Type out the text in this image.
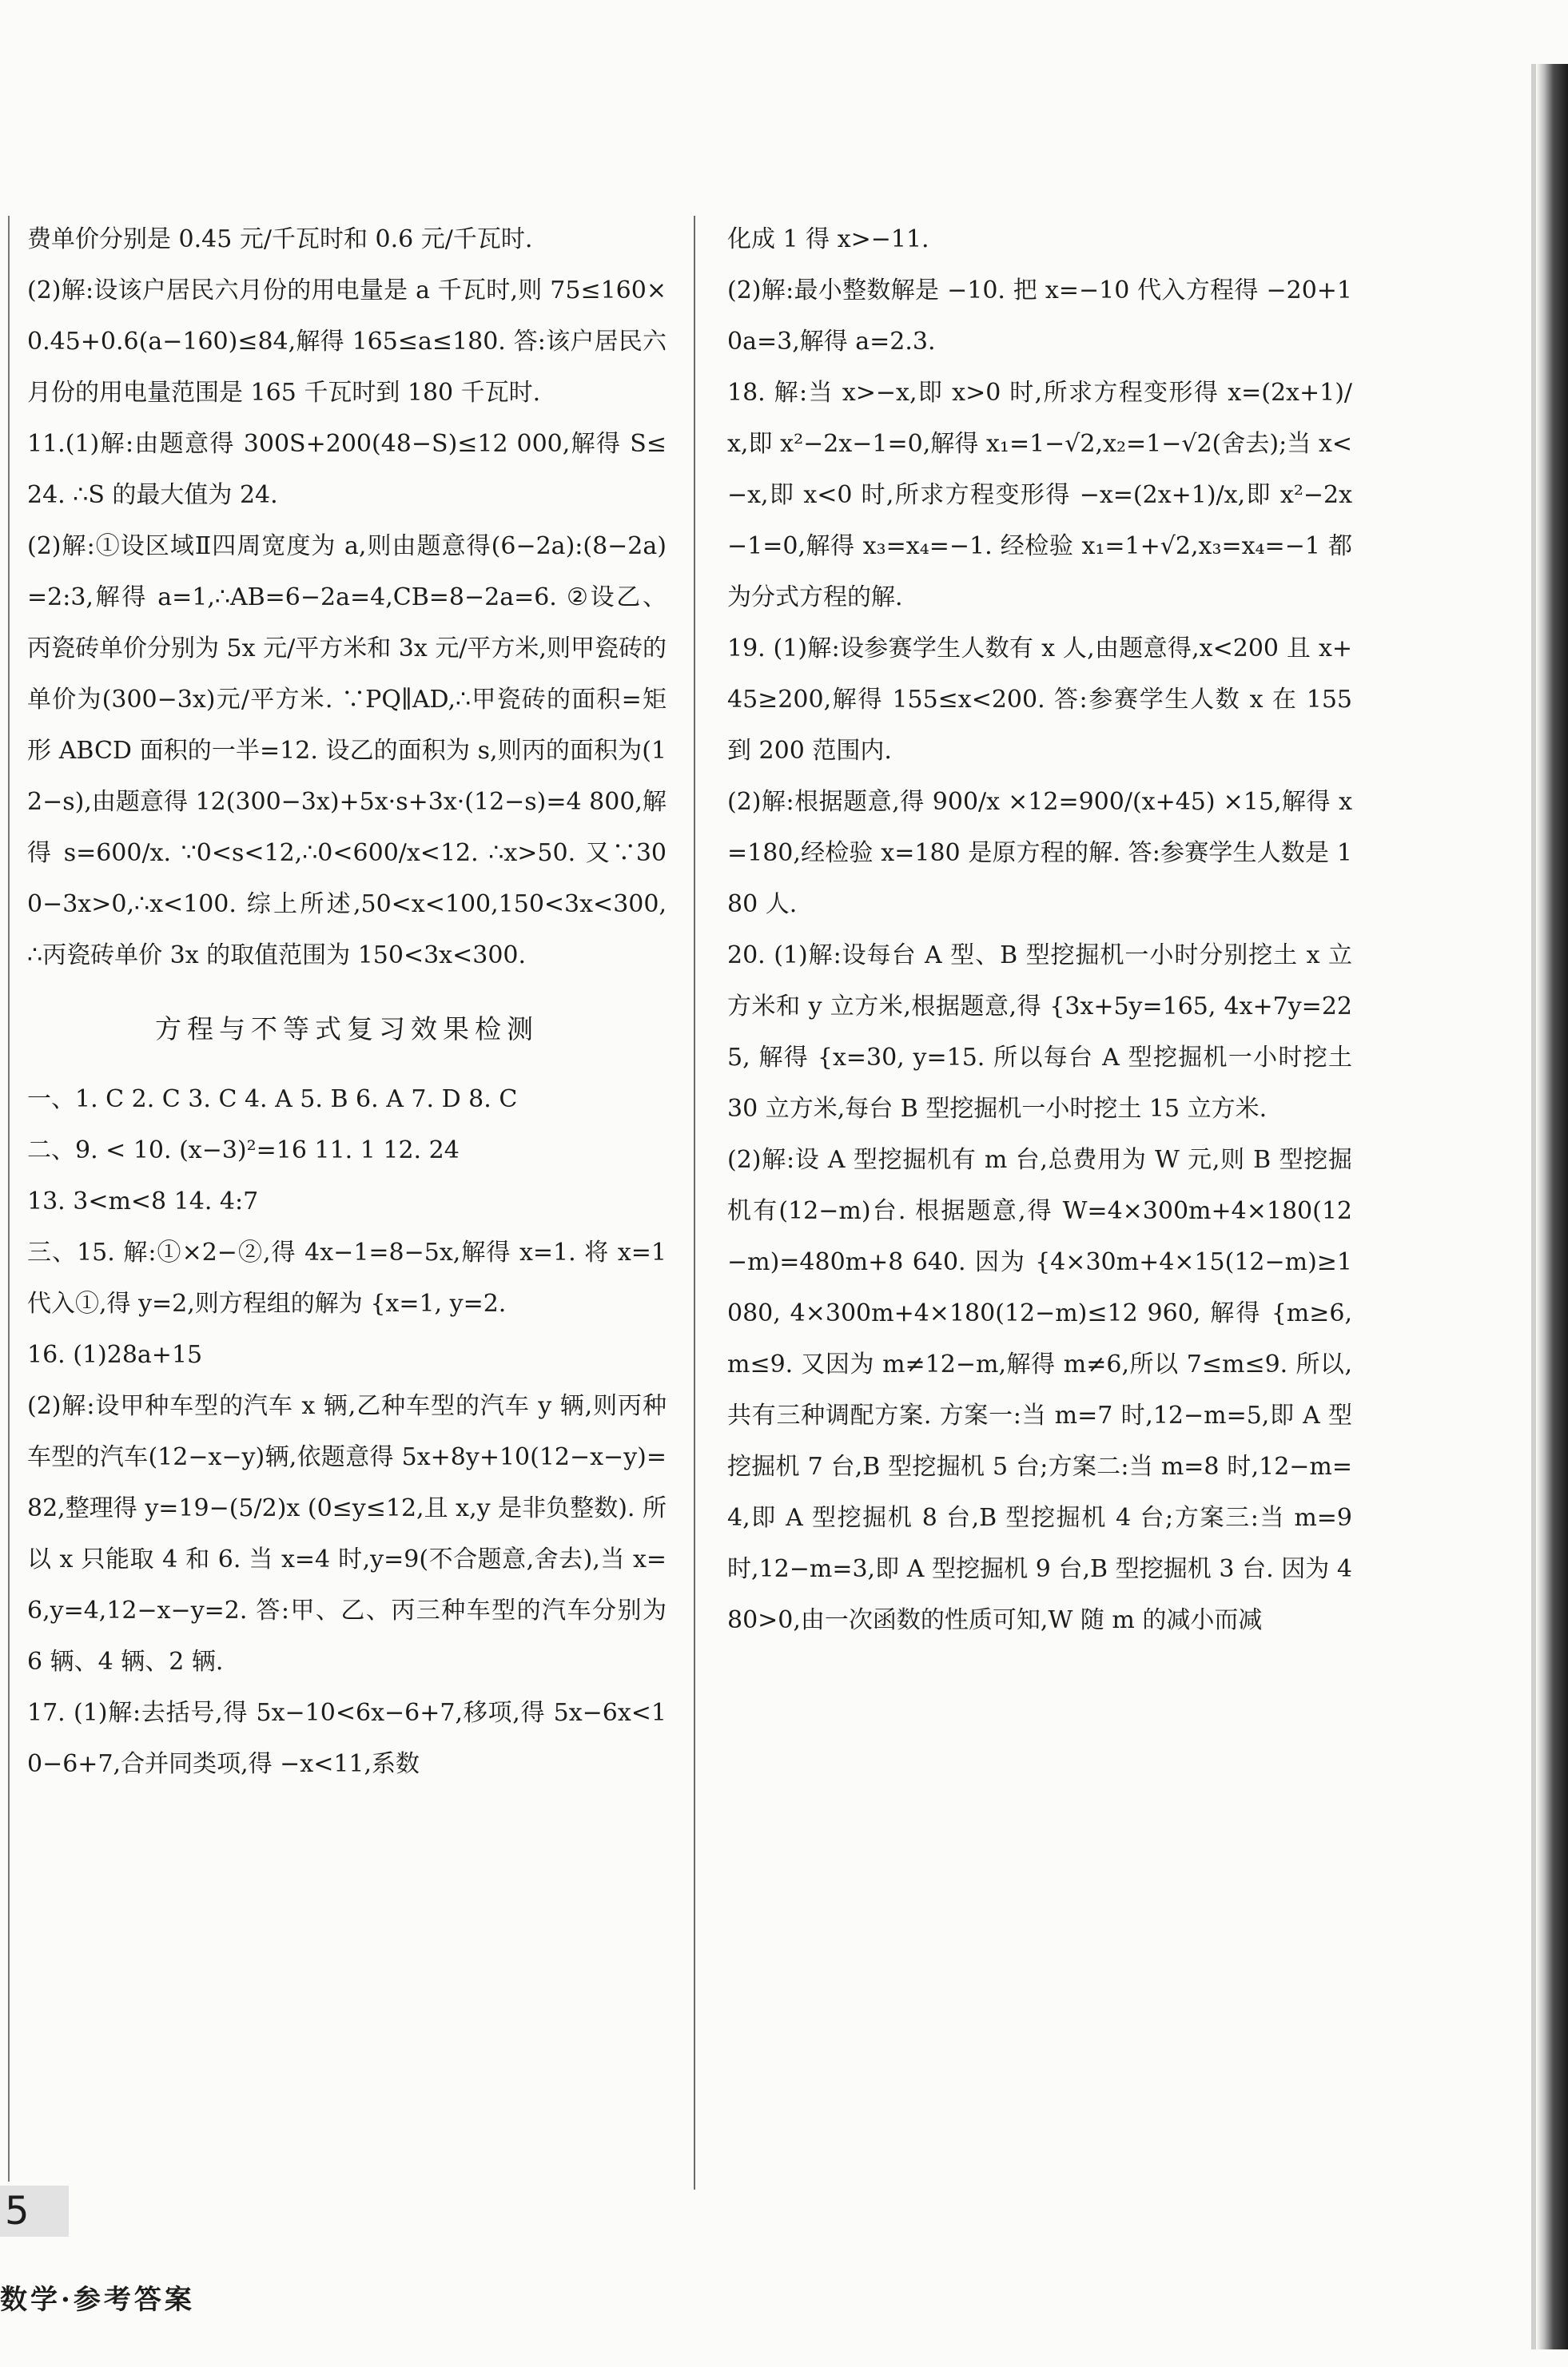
费单价分别是 0.45 元/千瓦时和 0.6 元/千瓦时.

(2)解:设该户居民六月份的用电量是 a 千瓦时,则 75≤160×0.45+0.6(a−160)≤84,解得 165≤a≤180. 答:该户居民六月份的用电量范围是 165 千瓦时到 180 千瓦时.

11.(1)解:由题意得 300S+200(48−S)≤12 000,解得 S≤24. ∴S 的最大值为 24.

(2)解:①设区域Ⅱ四周宽度为 a,则由题意得(6−2a):(8−2a)=2:3,解得 a=1,∴AB=6−2a=4,CB=8−2a=6. ②设乙、丙瓷砖单价分别为 5x 元/平方米和 3x 元/平方米,则甲瓷砖的单价为(300−3x)元/平方米. ∵PQ∥AD,∴甲瓷砖的面积=矩形 ABCD 面积的一半=12. 设乙的面积为 s,则丙的面积为(12−s),由题意得 12(300−3x)+5x·s+3x·(12−s)=4 800,解得 s=600/x. ∵0<s<12,∴0<600/x<12. ∴x>50. 又∵300−3x>0,∴x<100. 综上所述,50<x<100,150<3x<300,∴丙瓷砖单价 3x 的取值范围为 150<3x<300.

方程与不等式复习效果检测

一、1. C 2. C 3. C 4. A 5. B 6. A 7. D 8. C

二、9. < 10. (x−3)²=16 11. 1 12. 24

13. 3<m<8 14. 4:7

三、15. 解:①×2−②,得 4x−1=8−5x,解得 x=1. 将 x=1 代入①,得 y=2,则方程组的解为 {x=1, y=2.

16. (1)28a+15

(2)解:设甲种车型的汽车 x 辆,乙种车型的汽车 y 辆,则丙种车型的汽车(12−x−y)辆,依题意得 5x+8y+10(12−x−y)=82,整理得 y=19−(5/2)x (0≤y≤12,且 x,y 是非负整数). 所以 x 只能取 4 和 6. 当 x=4 时,y=9(不合题意,舍去),当 x=6,y=4,12−x−y=2. 答:甲、乙、丙三种车型的汽车分别为 6 辆、4 辆、2 辆.

17. (1)解:去括号,得 5x−10<6x−6+7,移项,得 5x−6x<10−6+7,合并同类项,得 −x<11,系数

化成 1 得 x>−11.

(2)解:最小整数解是 −10. 把 x=−10 代入方程得 −20+10a=3,解得 a=2.3.

18. 解:当 x>−x,即 x>0 时,所求方程变形得 x=(2x+1)/x,即 x²−2x−1=0,解得 x₁=1−√2,x₂=1−√2(舍去);当 x<−x,即 x<0 时,所求方程变形得 −x=(2x+1)/x,即 x²−2x−1=0,解得 x₃=x₄=−1. 经检验 x₁=1+√2,x₃=x₄=−1 都为分式方程的解.

19. (1)解:设参赛学生人数有 x 人,由题意得,x<200 且 x+45≥200,解得 155≤x<200. 答:参赛学生人数 x 在 155 到 200 范围内.

(2)解:根据题意,得 900/x ×12=900/(x+45) ×15,解得 x=180,经检验 x=180 是原方程的解. 答:参赛学生人数是 180 人.

20. (1)解:设每台 A 型、B 型挖掘机一小时分别挖土 x 立方米和 y 立方米,根据题意,得 {3x+5y=165, 4x+7y=225, 解得 {x=30, y=15. 所以每台 A 型挖掘机一小时挖土 30 立方米,每台 B 型挖掘机一小时挖土 15 立方米.

(2)解:设 A 型挖掘机有 m 台,总费用为 W 元,则 B 型挖掘机有(12−m)台. 根据题意,得 W=4×300m+4×180(12−m)=480m+8 640. 因为 {4×30m+4×15(12−m)≥1 080, 4×300m+4×180(12−m)≤12 960, 解得 {m≥6, m≤9. 又因为 m≠12−m,解得 m≠6,所以 7≤m≤9. 所以,共有三种调配方案. 方案一:当 m=7 时,12−m=5,即 A 型挖掘机 7 台,B 型挖掘机 5 台;方案二:当 m=8 时,12−m=4,即 A 型挖掘机 8 台,B 型挖掘机 4 台;方案三:当 m=9 时,12−m=3,即 A 型挖掘机 9 台,B 型挖掘机 3 台. 因为 480>0,由一次函数的性质可知,W 随 m 的减小而减

5
数学·参考答案
